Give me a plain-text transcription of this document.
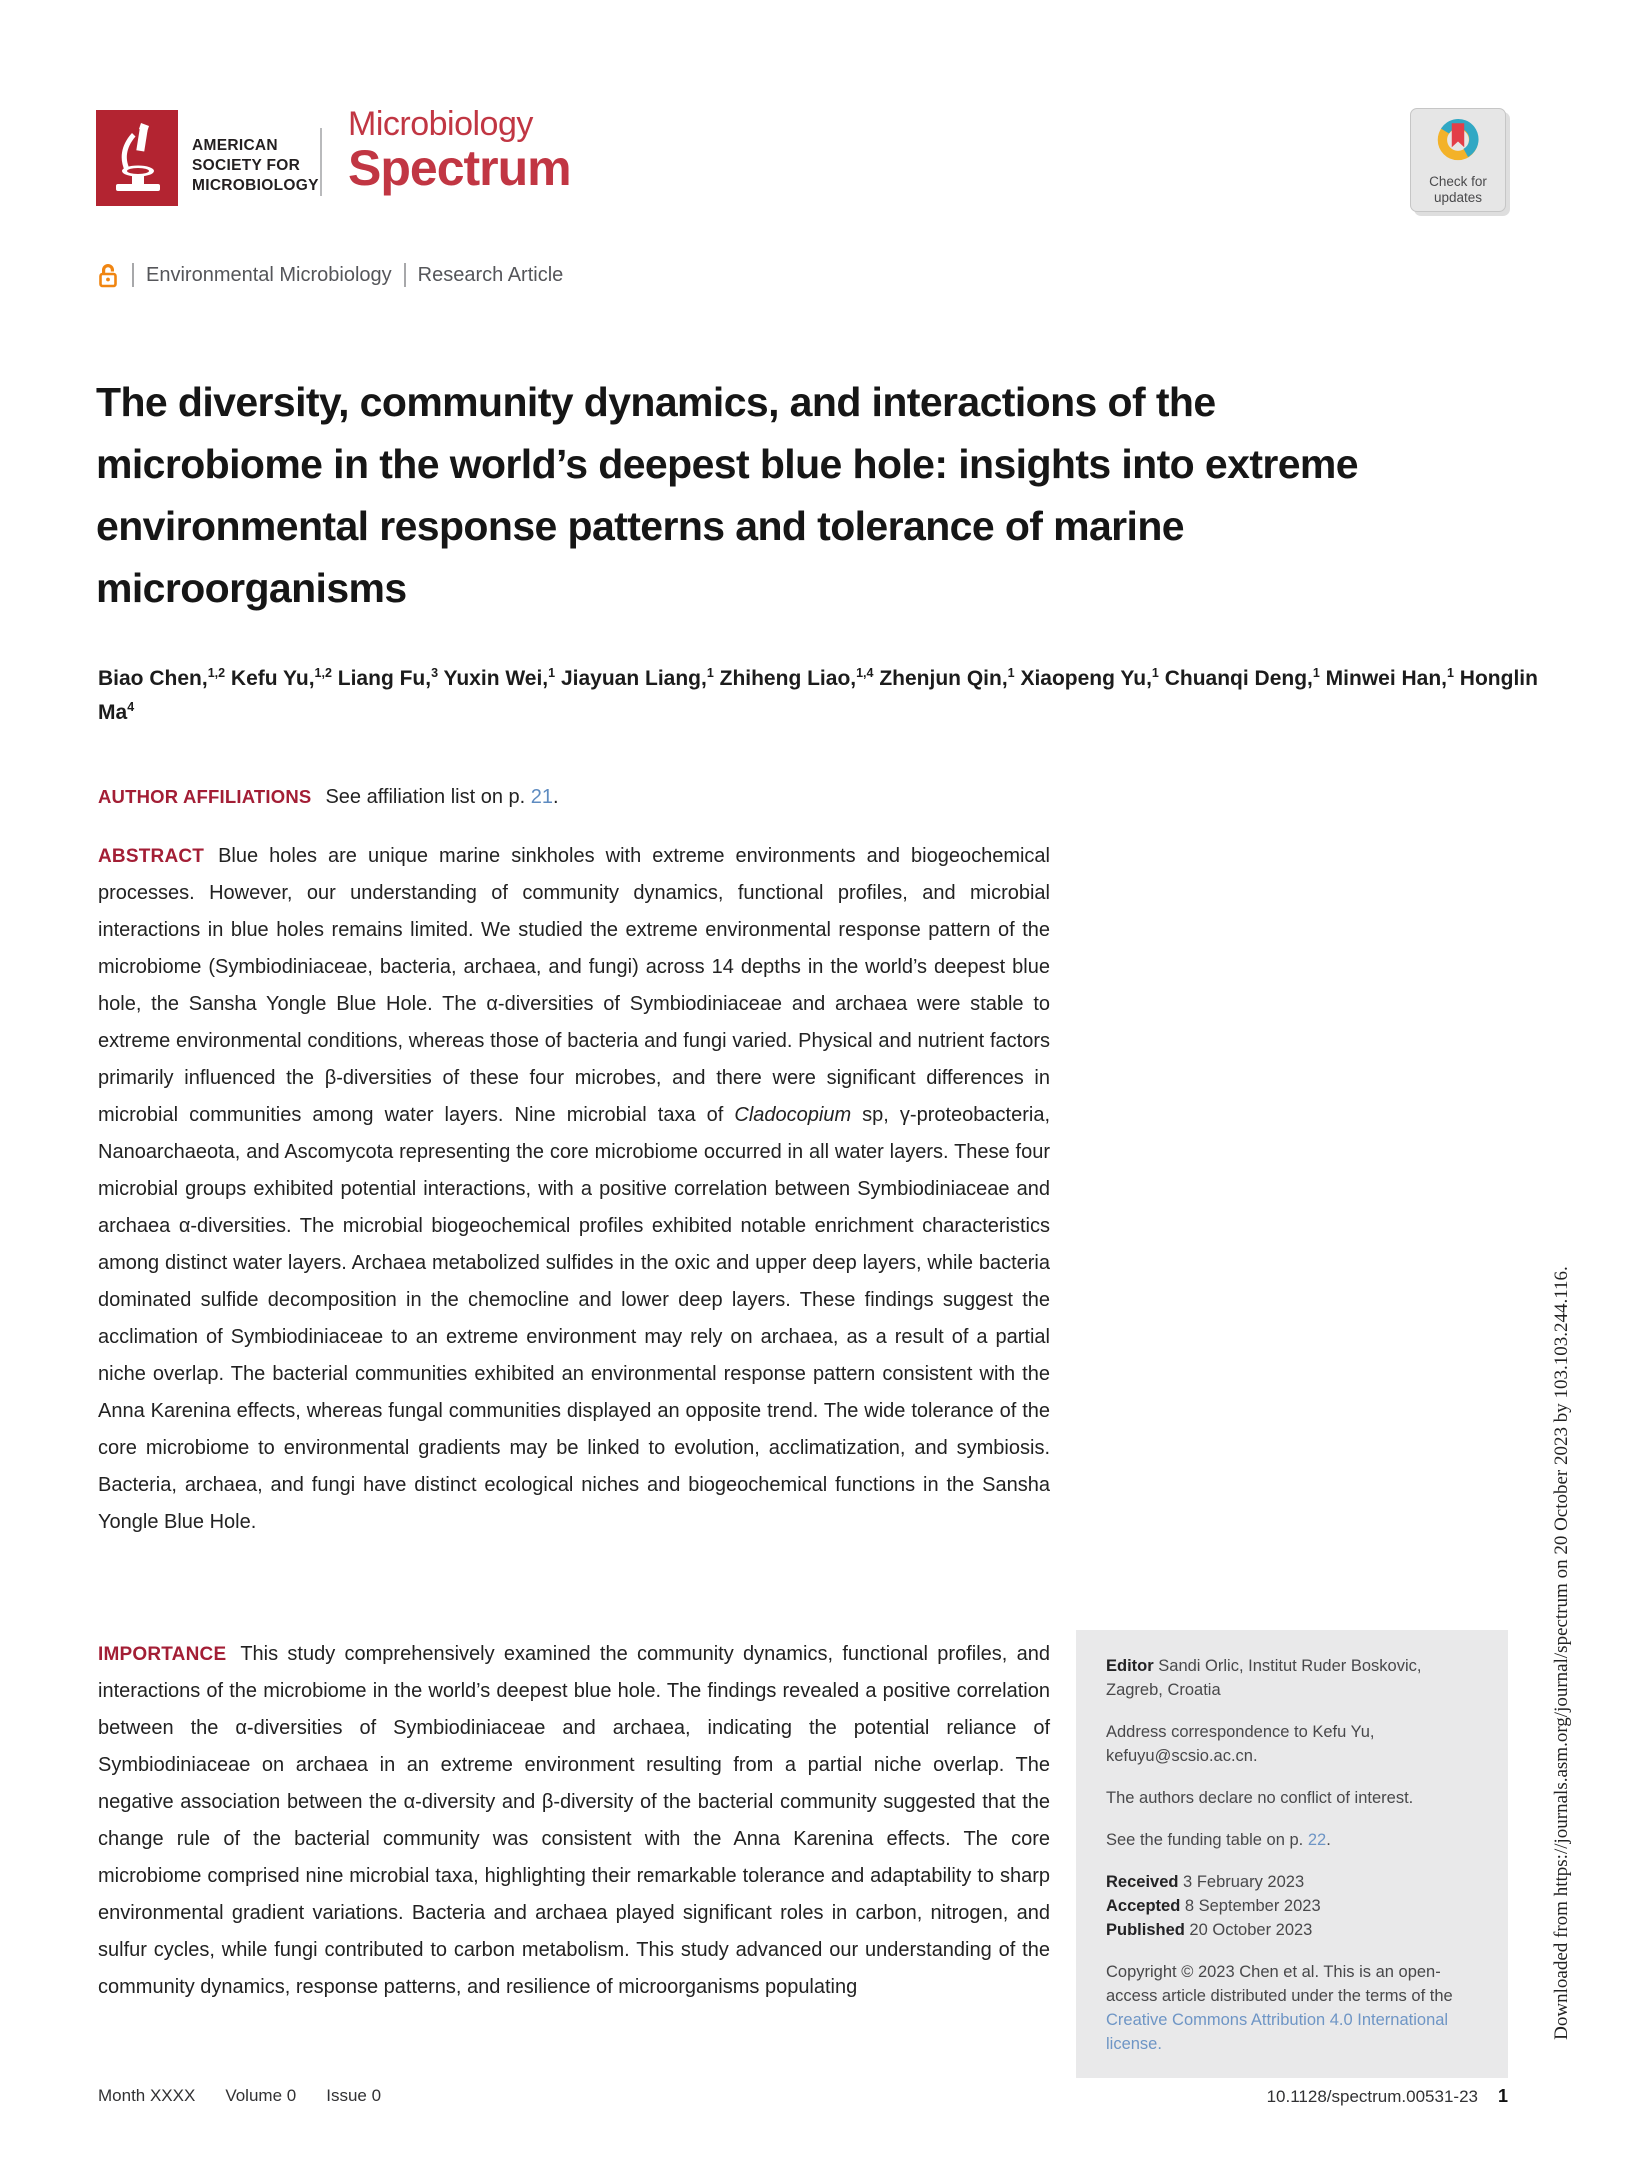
AMERICAN
SOCIETY FOR
MICROBIOLOGY
Microbiology
Spectrum	Check for updates
Environmental Microbiology Research Article
The diversity, community dynamics, and interactions of the microbiome in the world’s deepest blue hole: insights into extreme environmental response patterns and tolerance of marine microorganisms
Biao Chen,$^{1,2}$ Kefu Yu,$^{1,2}$ Liang Fu,$^3$ Yuxin Wei,$^1$ Jiayuan Liang,$^1$ Zhiheng Liao,$^{1,4}$ Zhenjun Qin,$^1$ Xiaopeng Yu,$^1$ Chuanqi Deng,$^1$ Minwei Han,$^1$ Honglin Ma$^4$

AUTHOR AFFILIATIONS See affiliation list on p. 21.

ABSTRACT Blue holes are unique marine sinkholes with extreme environments and biogeochemical processes. However, our understanding of community dynamics, functional profiles, and microbial interactions in blue holes remains limited. We studied the extreme environmental response pattern of the microbiome (Symbiodiniaceae, bacteria, archaea, and fungi) across 14 depths in the world’s deepest blue hole, the Sansha Yongle Blue Hole. The α-diversities of Symbiodiniaceae and archaea were stable to extreme environmental conditions, whereas those of bacteria and fungi varied. Physical and nutrient factors primarily influenced the β-diversities of these four microbes, and there were significant differences in microbial communities among water layers. Nine microbial taxa of Cladocopium sp, γ-proteobacteria, Nanoarchaeota, and Ascomycota representing the core microbiome occurred in all water layers. These four microbial groups exhibited potential interactions, with a positive correlation between Symbiodiniaceae and archaea α-diversities. The microbial biogeochemical profiles exhibited notable enrichment characteristics among distinct water layers. Archaea metabolized sulfides in the oxic and upper deep layers, while bacteria dominated sulfide decomposition in the chemocline and lower deep layers. These findings suggest the acclimation of Symbiodiniaceae to an extreme environment may rely on archaea, as a result of a partial niche overlap. The bacterial communities exhibited an environmental response pattern consistent with the Anna Karenina effects, whereas fungal communities displayed an opposite trend. The wide tolerance of the core microbiome to environmental gradients may be linked to evolution, acclimatization, and symbiosis. Bacteria, archaea, and fungi have distinct ecological niches and biogeochemical functions in the Sansha Yongle Blue Hole.

IMPORTANCE This study comprehensively examined the community dynamics, functional profiles, and interactions of the microbiome in the world’s deepest blue hole. The findings revealed a positive correlation between the α-diversities of Symbiodiniaceae and archaea, indicating the potential reliance of Symbiodiniaceae on archaea in an extreme environment resulting from a partial niche overlap. The negative association between the α-diversity and β-diversity of the bacterial community suggested that the change rule of the bacterial community was consistent with the Anna Karenina effects. The core microbiome comprised nine microbial taxa, highlighting their remarkable tolerance and adaptability to sharp environmental gradient variations. Bacteria and archaea played significant roles in carbon, nitrogen, and sulfur cycles, while fungi contributed to carbon metabolism. This study advanced our understanding of the community dynamics, response patterns, and resilience of microorganisms populating

Editor Sandi Orlic, Institut Ruder Boskovic, Zagreb, Croatia

Address correspondence to Kefu Yu, kefuyu@scsio.ac.cn.

The authors declare no conflict of interest.

See the funding table on p. 22.

Received 3 February 2023
Accepted 8 September 2023
Published 20 October 2023

Copyright © 2023 Chen et al. This is an open-access article distributed under the terms of the Creative Commons Attribution 4.0 International license.

Month XXXX Volume 0 Issue 0	10.1128/spectrum.00531-23 1
Downloaded from https://journals.asm.org/journal/spectrum on 20 October 2023 by 103.103.244.116.
